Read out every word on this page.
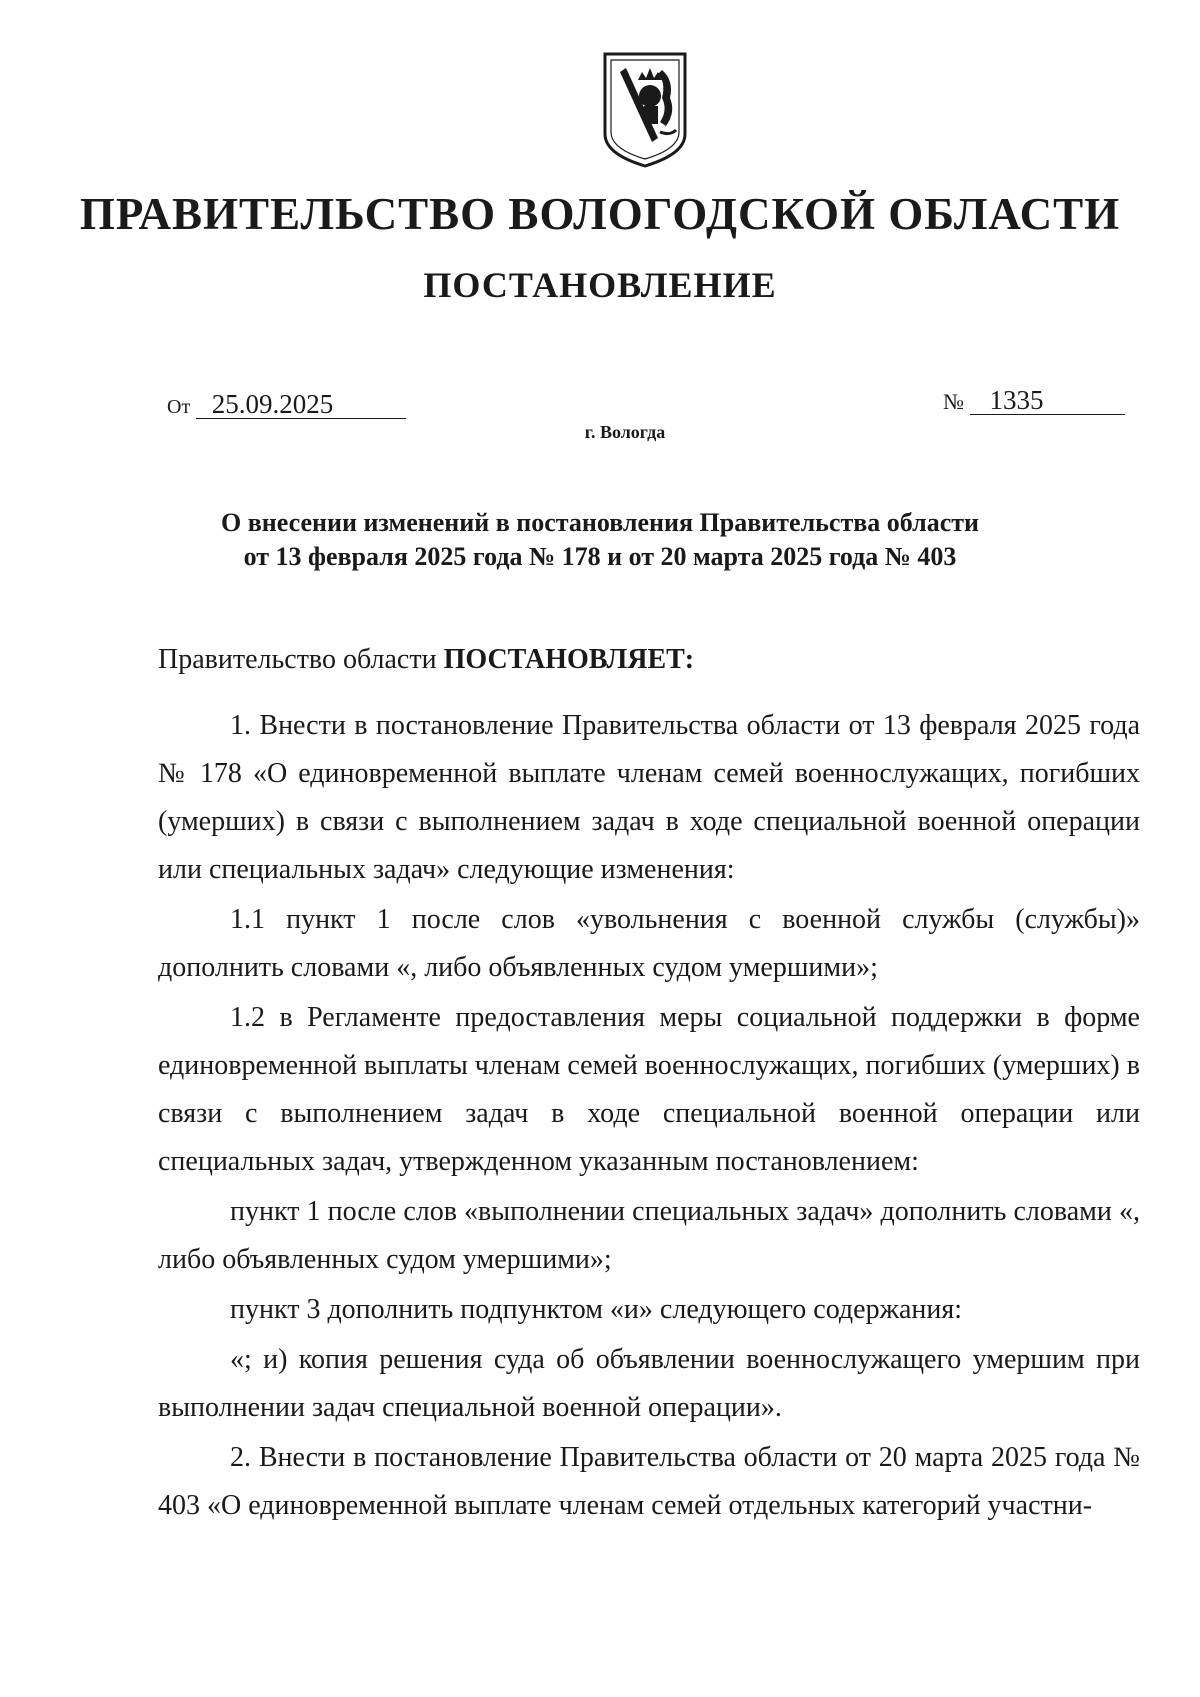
ПРАВИТЕЛЬСТВО ВОЛОГОДСКОЙ ОБЛАСТИ
ПОСТАНОВЛЕНИЕ
От 25.09.2025	№ 1335
г. Вологда
О внесении изменений в постановления Правительства области
от 13 февраля 2025 года № 178 и от 20 марта 2025 года № 403

Правительство области ПОСТАНОВЛЯЕТ:

1. Внести в постановление Правительства области от 13 февраля 2025 года № 178 «О единовременной выплате членам семей военнослужащих, погибших (умерших) в связи с выполнением задач в ходе специальной военной операции или специальных задач» следующие изменения:

1.1 пункт 1 после слов «увольнения с военной службы (службы)» дополнить словами «, либо объявленных судом умершими»;

1.2 в Регламенте предоставления меры социальной поддержки в форме единовременной выплаты членам семей военнослужащих, погибших (умерших) в связи с выполнением задач в ходе специальной военной операции или специальных задач, утвержденном указанным постановлением:

пункт 1 после слов «выполнении специальных задач» дополнить словами «, либо объявленных судом умершими»;

пункт 3 дополнить подпунктом «и» следующего содержания:

«; и) копия решения суда об объявлении военнослужащего умершим при выполнении задач специальной военной операции».

2. Внести в постановление Правительства области от 20 марта 2025 года № 403 «О единовременной выплате членам семей отдельных категорий участни-
